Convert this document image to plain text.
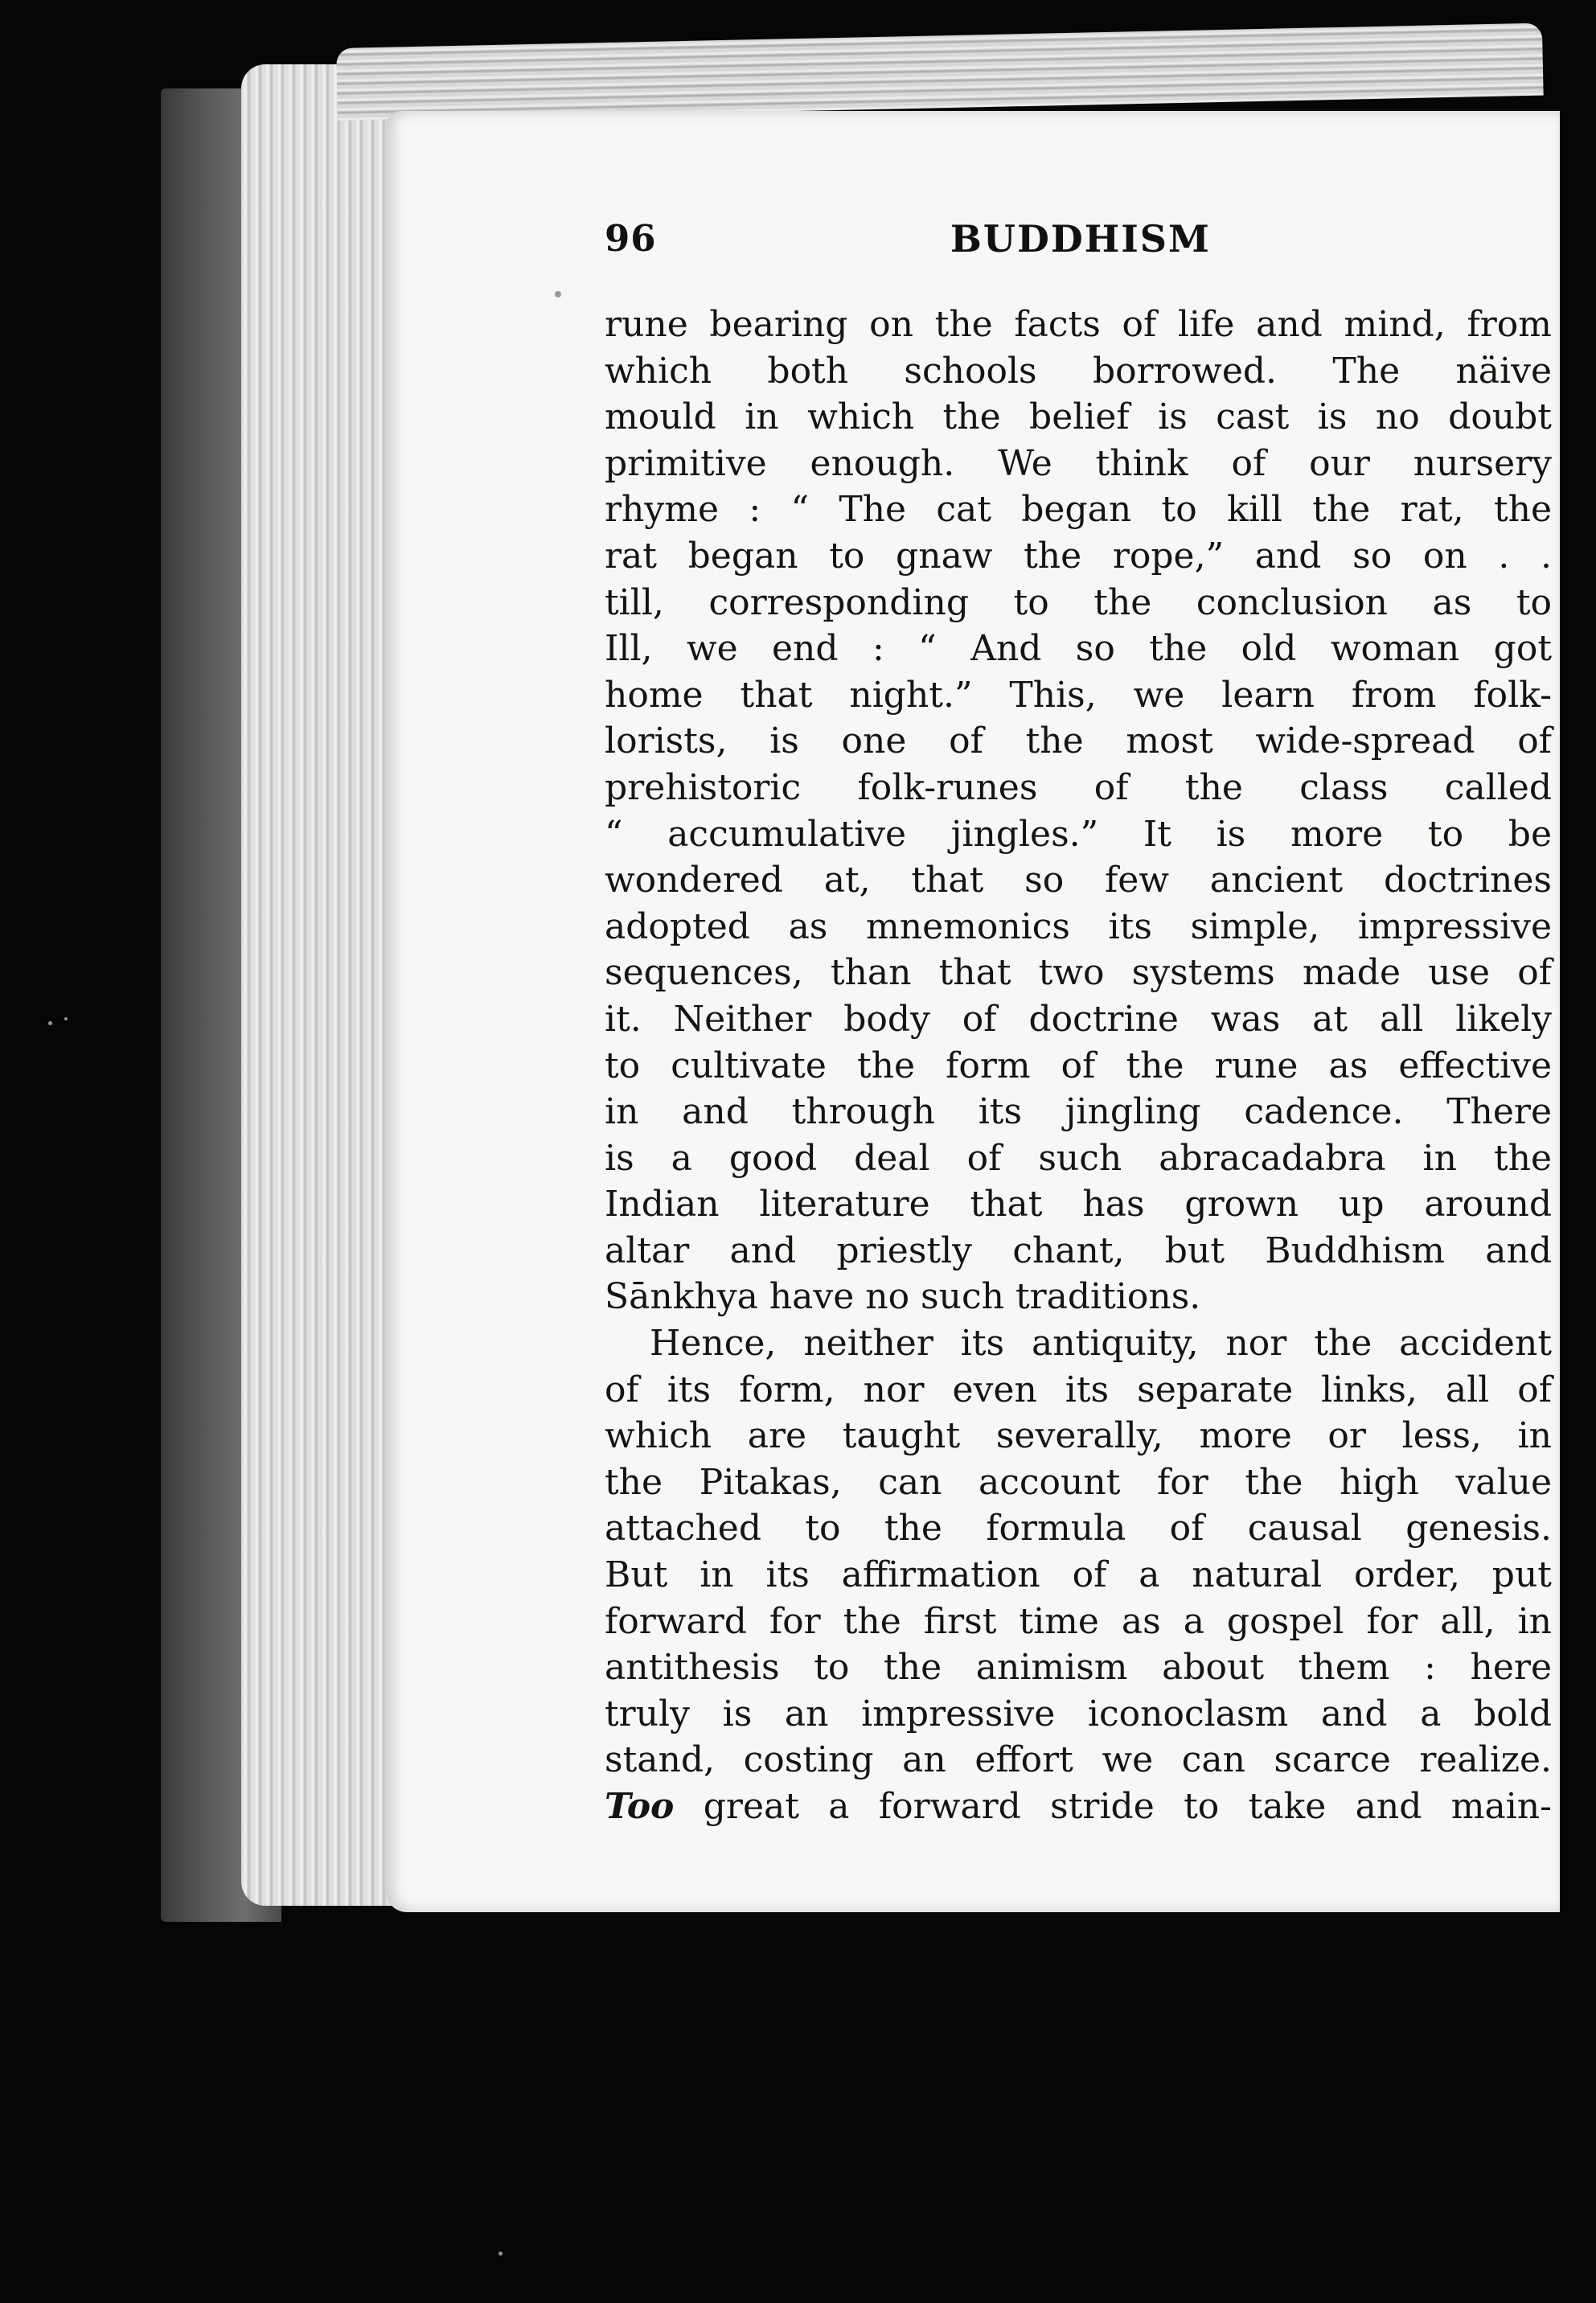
96	BUDDHISM
rune bearing on the facts of life and mind, from
which both schools borrowed. The näive
mould in which the belief is cast is no doubt
primitive enough. We think of our nursery
rhyme : “ The cat began to kill the rat, the
rat began to gnaw the rope,” and so on . .
till, corresponding to the conclusion as to
Ill, we end : “ And so the old woman got
home that night.” This, we learn from folk-
lorists, is one of the most wide-spread of
prehistoric folk-runes of the class called
“ accumulative jingles.” It is more to be
wondered at, that so few ancient doctrines
adopted as mnemonics its simple, impressive
sequences, than that two systems made use of
it. Neither body of doctrine was at all likely
to cultivate the form of the rune as effective
in and through its jingling cadence. There
is a good deal of such abracadabra in the
Indian literature that has grown up around
altar and priestly chant, but Buddhism and
Sānkhya have no such traditions.
Hence, neither its antiquity, nor the accident
of its form, nor even its separate links, all of
which are taught severally, more or less, in
the Pitakas, can account for the high value
attached to the formula of causal genesis.
But in its affirmation of a natural order, put
forward for the first time as a gospel for all, in
antithesis to the animism about them : here
truly is an impressive iconoclasm and a bold
stand, costing an effort we can scarce realize.
Too great a forward stride to take and main-
